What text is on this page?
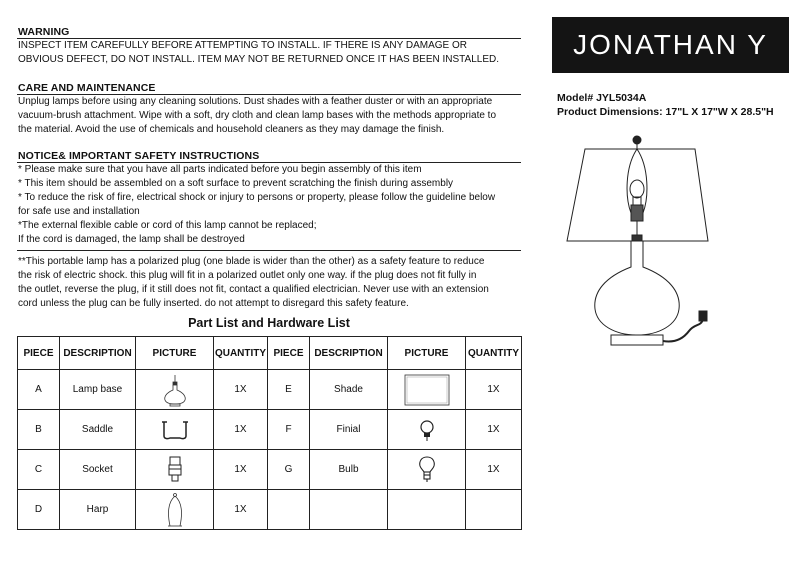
WARNING
INSPECT ITEM CAREFULLY BEFORE ATTEMPTING TO INSTALL. IF THERE IS ANY DAMAGE OR
OBVIOUS DEFECT, DO NOT INSTALL. ITEM MAY NOT BE RETURNED ONCE IT HAS BEEN INSTALLED.
CARE AND MAINTENANCE
Unplug lamps before using any cleaning solutions. Dust shades with a feather duster or with an appropriate
vacuum-brush attachment. Wipe with a soft, dry cloth and clean lamp bases with the methods appropriate to
the material. Avoid the use of chemicals and household cleaners as they may damage the finish.
NOTICE& IMPORTANT SAFETY INSTRUCTIONS
* Please make sure that you have all parts indicated before you begin assembly of this item
* This item should be assembled on a soft surface to prevent scratching the finish during assembly
* To reduce the risk of fire, electrical shock or injury to persons or property, please follow the guideline below
for safe use and installation
*The external flexible cable or cord of this lamp cannot be replaced;
If the cord is damaged, the lamp shall be destroyed
**This portable lamp has a polarized plug (one blade is wider than the other) as a safety feature to reduce
the risk of electric shock. this plug will fit in a polarized outlet only one way. if the plug does not fit fully in
the outlet, reverse the plug, if it still does not fit, contact a qualified electrician. Never use with an extension
cord unless the plug can be fully inserted. do not attempt to disregard this safety feature.
JONATHAN Y
Model# JYL5034A
Product Dimensions: 17"L X 17"W X 28.5"H
Part List and Hardware List
PIECE	DESCRIPTION	PICTURE	QUANTITY	PIECE	DESCRIPTION	PICTURE	QUANTITY
A	Lamp base		1X	E	Shade		1X
B	Saddle		1X	F	Finial		1X
C	Socket		1X	G	Bulb		1X
D	Harp		1X				
